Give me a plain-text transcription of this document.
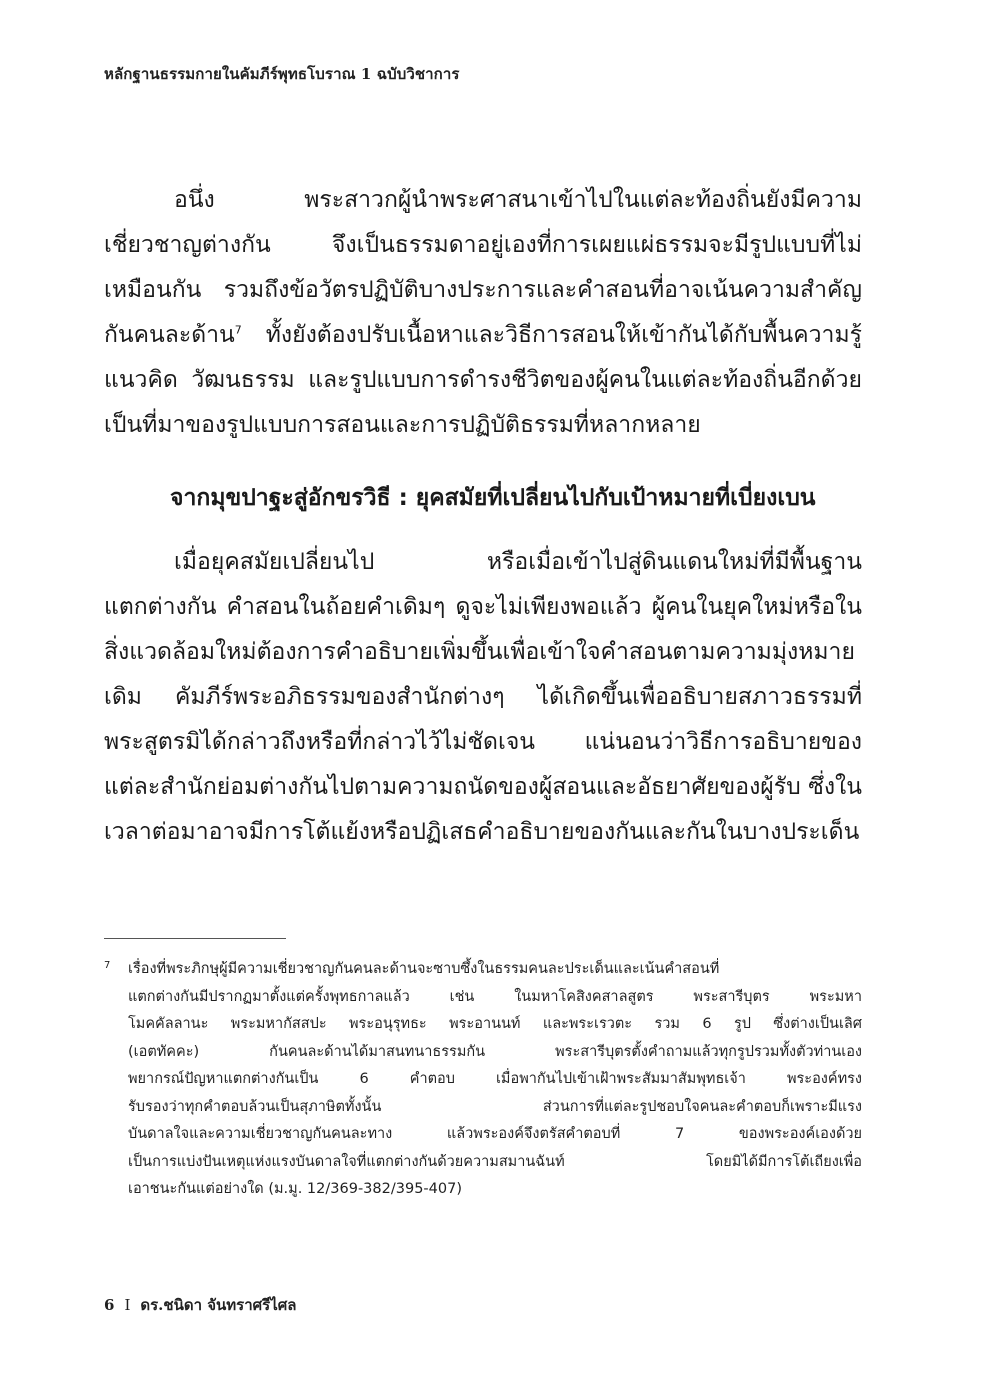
หลักฐานธรรมกายในคัมภีร์พุทธโบราณ 1 ฉบับวิชาการ
อนึ่ง พระสาวกผู้นำพระศาสนาเข้าไปในแต่ละท้องถิ่นยังมีความ
เชี่ยวชาญต่างกัน จึงเป็นธรรมดาอยู่เองที่การเผยแผ่ธรรมจะมีรูปแบบที่ไม่
เหมือนกัน รวมถึงข้อวัตรปฏิบัติบางประการและคำสอนที่อาจเน้นความสำคัญ
กันคนละด้าน$^7$ ทั้งยังต้องปรับเนื้อหาและวิธีการสอนให้เข้ากันได้กับพื้นความรู้
แนวคิด วัฒนธรรม และรูปแบบการดำรงชีวิตของผู้คนในแต่ละท้องถิ่นอีกด้วย
เป็นที่มาของรูปแบบการสอนและการปฏิบัติธรรมที่หลากหลาย
จากมุขปาฐะสู่อักขรวิธี : ยุคสมัยที่เปลี่ยนไปกับเป้าหมายที่เบี่ยงเบน
เมื่อยุคสมัยเปลี่ยนไป หรือเมื่อเข้าไปสู่ดินแดนใหม่ที่มีพื้นฐาน
แตกต่างกัน คำสอนในถ้อยคำเดิมๆ ดูจะไม่เพียงพอแล้ว ผู้คนในยุคใหม่หรือใน
สิ่งแวดล้อมใหม่ต้องการคำอธิบายเพิ่มขึ้นเพื่อเข้าใจคำสอนตามความมุ่งหมาย
เดิม คัมภีร์พระอภิธรรมของสำนักต่างๆ ได้เกิดขึ้นเพื่ออธิบายสภาวธรรมที่
พระสูตรมิได้กล่าวถึงหรือที่กล่าวไว้ไม่ชัดเจน แน่นอนว่าวิธีการอธิบายของ
แต่ละสำนักย่อมต่างกันไปตามความถนัดของผู้สอนและอัธยาศัยของผู้รับ ซึ่งใน
เวลาต่อมาอาจมีการโต้แย้งหรือปฏิเสธคำอธิบายของกันและกันในบางประเด็น
7 เรื่องที่พระภิกษุผู้มีความเชี่ยวชาญกันคนละด้านจะซาบซึ้งในธรรมคนละประเด็นและเน้นคำสอนที่
แตกต่างกันมีปรากฏมาตั้งแต่ครั้งพุทธกาลแล้ว เช่น ในมหาโคสิงคสาลสูตร พระสารีบุตร พระมหา
โมคคัลลานะ พระมหากัสสปะ พระอนุรุทธะ พระอานนท์ และพระเรวตะ รวม 6 รูป ซึ่งต่างเป็นเลิศ
(เอตทัคคะ) กันคนละด้านได้มาสนทนาธรรมกัน พระสารีบุตรตั้งคำถามแล้วทุกรูปรวมทั้งตัวท่านเอง
พยากรณ์ปัญหาแตกต่างกันเป็น 6 คำตอบ เมื่อพากันไปเข้าเฝ้าพระสัมมาสัมพุทธเจ้า พระองค์ทรง
รับรองว่าทุกคำตอบล้วนเป็นสุภาษิตทั้งนั้น ส่วนการที่แต่ละรูปชอบใจคนละคำตอบก็เพราะมีแรง
บันดาลใจและความเชี่ยวชาญกันคนละทาง แล้วพระองค์จึงตรัสคำตอบที่ 7 ของพระองค์เองด้วย
เป็นการแบ่งปันเหตุแห่งแรงบันดาลใจที่แตกต่างกันด้วยความสมานฉันท์ โดยมิได้มีการโต้เถียงเพื่อ
เอาชนะกันแต่อย่างใด (ม.มู. 12/369-382/395-407)
6 I ดร.ชนิดา จันทราศรีไศล
